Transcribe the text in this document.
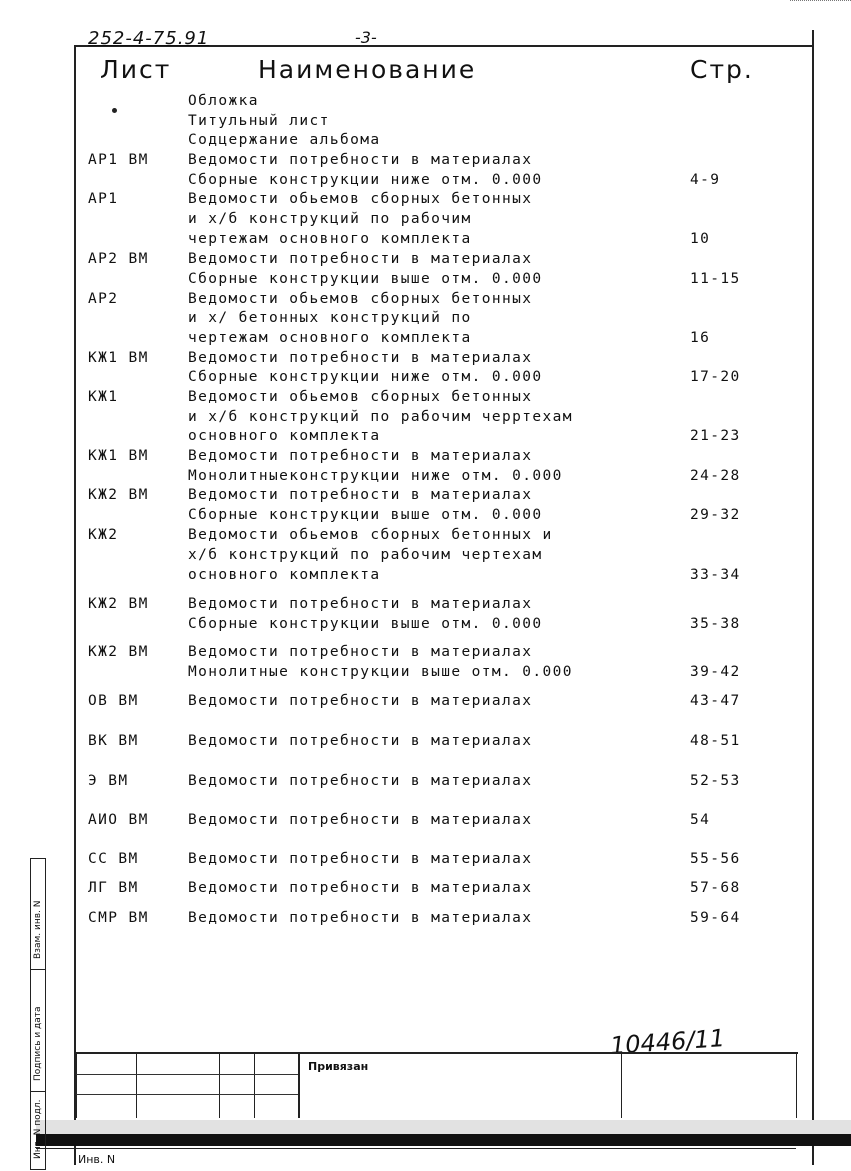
252-4-75.91	-3-
Лист	Наименование	Стр.
Обложка
Титульный лист
Содцержание альбома
АР1 ВМ	Ведомости потребности в материалах
Сборные конструкции ниже отм. 0.000	4-9
АР1	Ведомости обьемов сборных бетонных
и х/б конструкций по рабочим
чертежам основного комплекта	10
АР2 ВМ	Ведомости потребности в материалах
Сборные конструкции выше отм. 0.000	11-15
АР2	Ведомости обьемов сборных бетонных
и х/ бетонных конструкций по
чертежам основного комплекта	16
КЖ1 ВМ	Ведомости потребности в материалах
Сборные конструкции ниже отм. 0.000	17-20
КЖ1	Ведомости обьемов сборных бетонных
и х/б конструкций по рабочим черртехам
основного комплекта	21-23
КЖ1 ВМ	Ведомости потребности в материалах
Монолитныеконструкции ниже отм. 0.000	24-28
КЖ2 ВМ	Ведомости потребности в материалах
Сборные конструкции выше отм. 0.000	29-32
КЖ2	Ведомости обьемов сборных бетонных и
х/б конструкций по рабочим чертехам
основного комплекта	33-34
КЖ2 ВМ	Ведомости потребности в материалах
Сборные конструкции выше отм. 0.000	35-38
КЖ2 ВМ	Ведомости потребности в материалах
Монолитные конструкции выше отм. 0.000	39-42
ОВ ВМ	Ведомости потребности в материалах	43-47
ВК ВМ	Ведомости потребности в материалах	48-51
Э ВМ	Ведомости потребности в материалах	52-53
АИО ВМ	Ведомости потребности в материалах	54
СС ВМ	Ведомости потребности в материалах	55-56
ЛГ ВМ	Ведомости потребности в материалах	57-68
СМР ВМ	Ведомости потребности в материалах	59-64
10446/11
Привязан
Инв. N
Взам. инв. N
Подпись и дата
Инв. N подл.
